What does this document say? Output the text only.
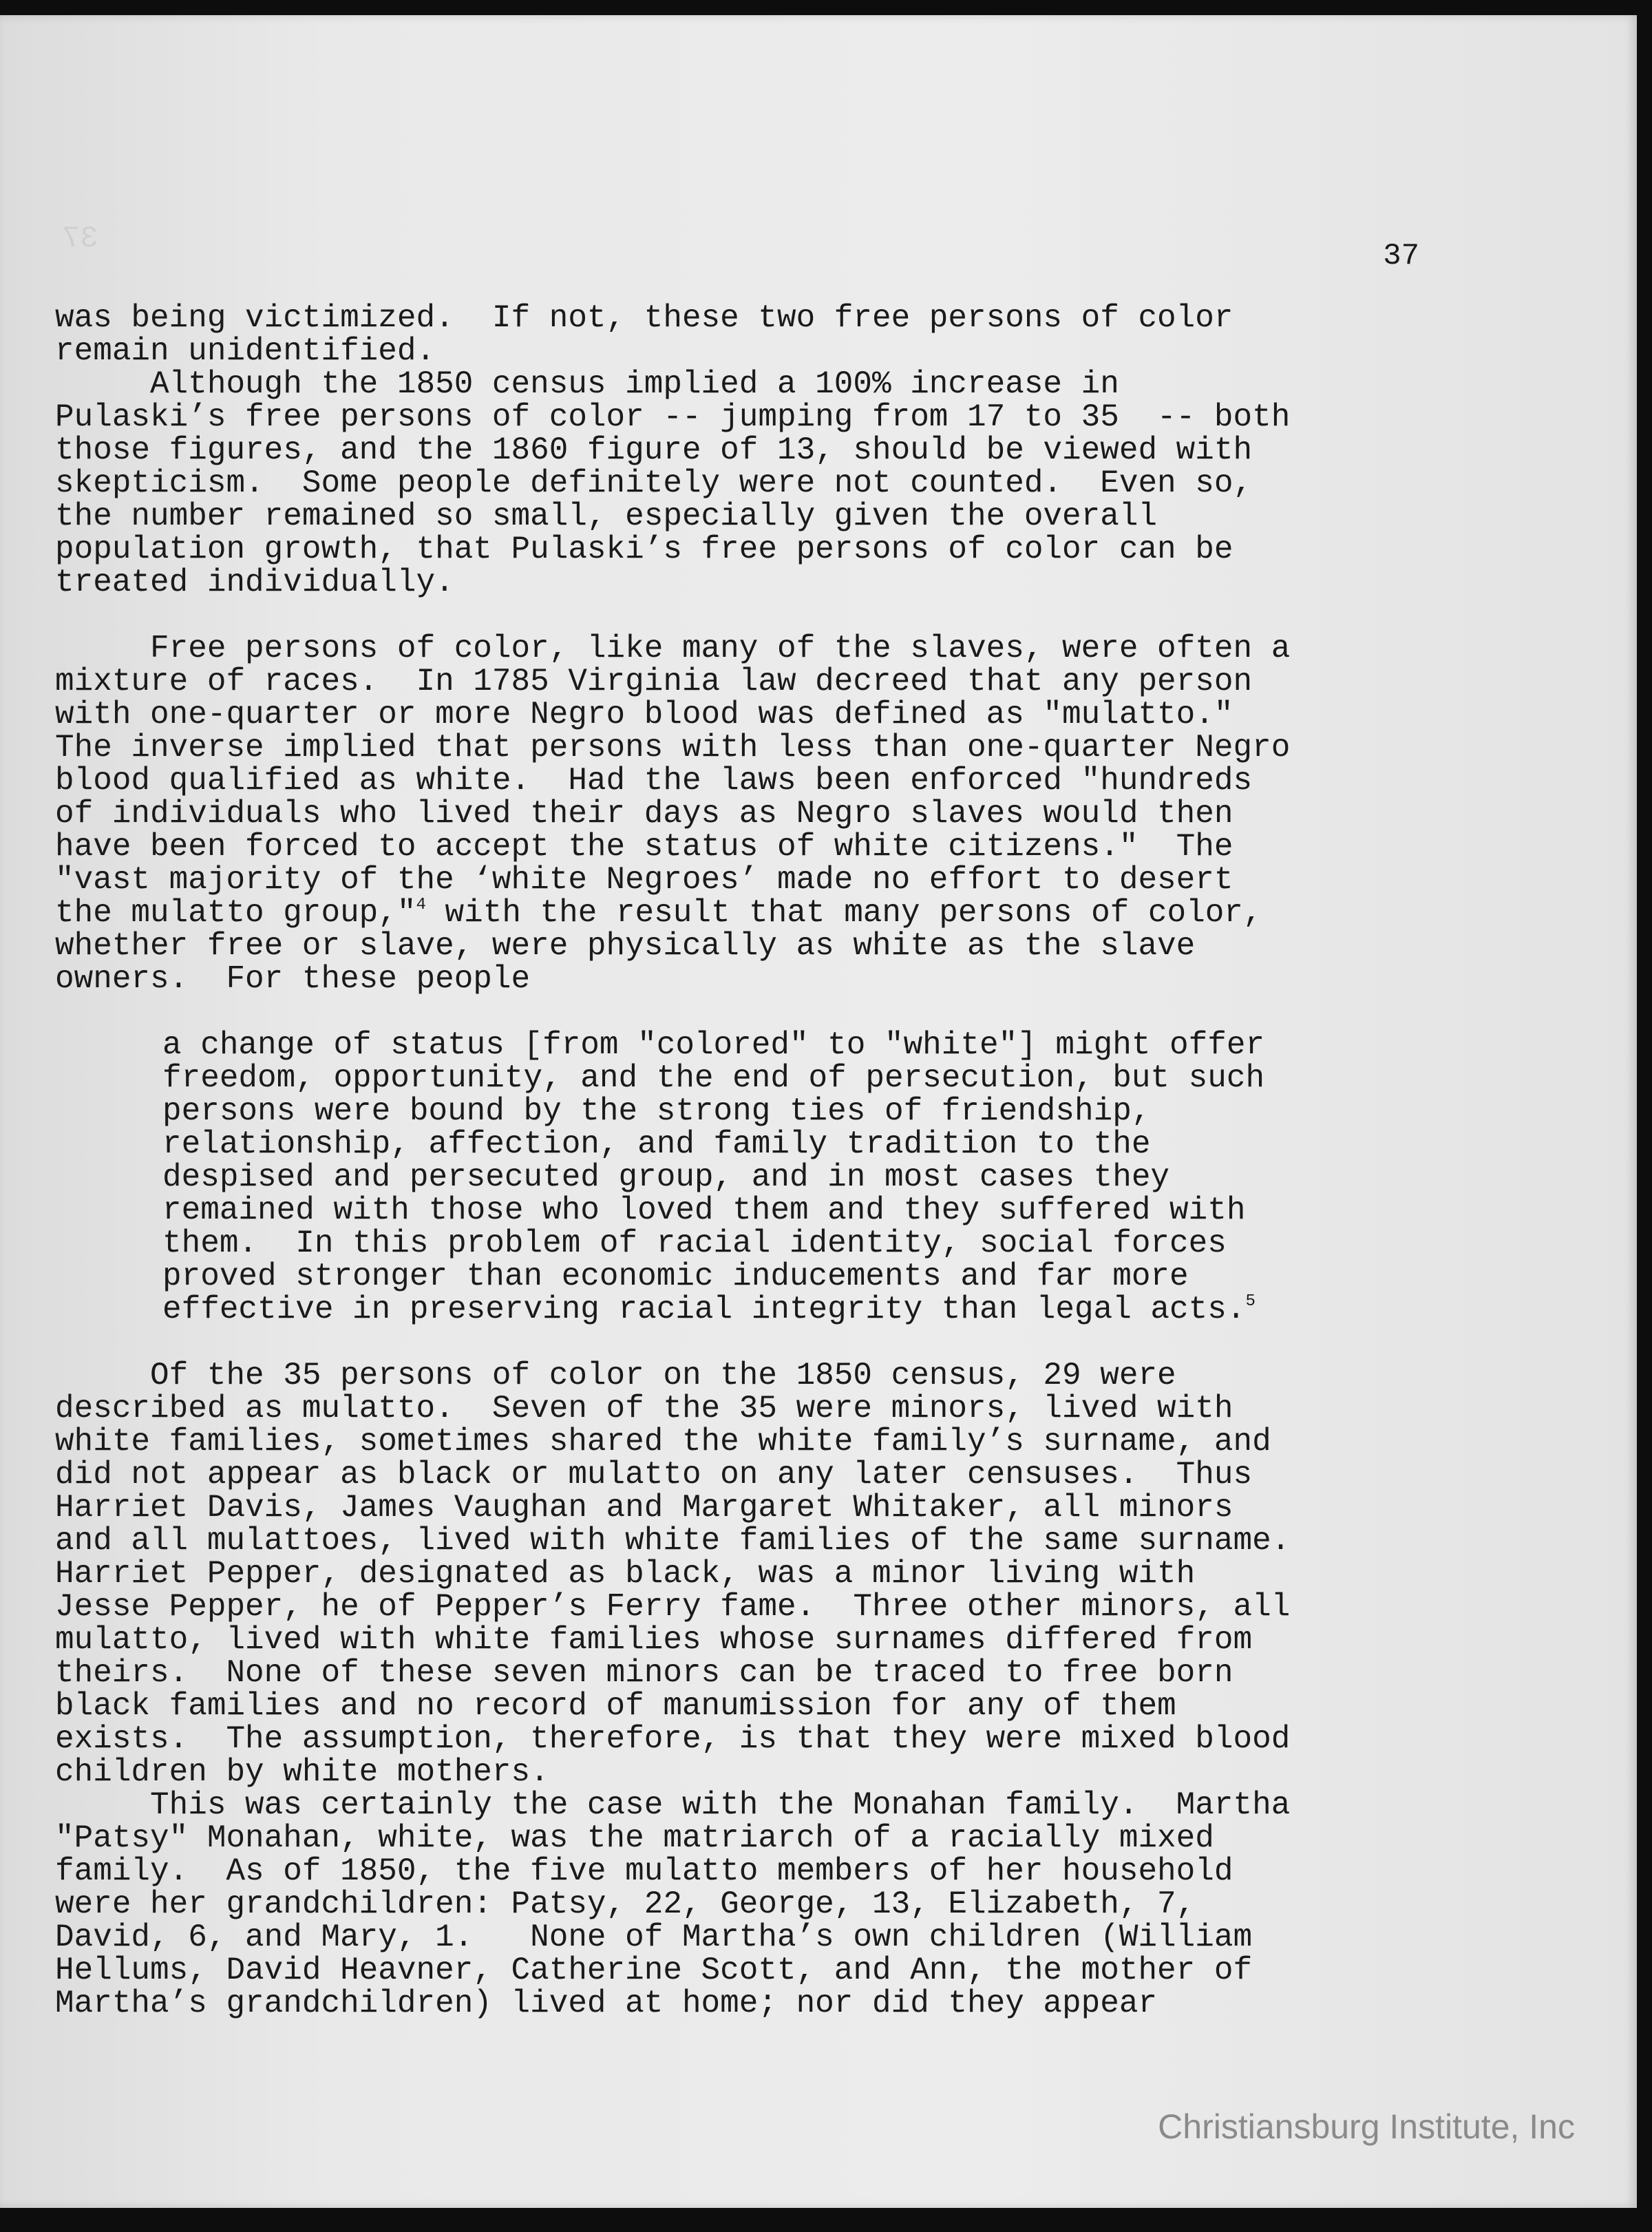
37	37

was being victimized.  If not, these two free persons of color
remain unidentified.

Although the 1850 census implied a 100% increase in
Pulaski’s free persons of color -- jumping from 17 to 35  -- both
those figures, and the 1860 figure of 13, should be viewed with
skepticism.  Some people definitely were not counted.  Even so,
the number remained so small, especially given the overall
population growth, that Pulaski’s free persons of color can be
treated individually.

Free persons of color, like many of the slaves, were often a
mixture of races.  In 1785 Virginia law decreed that any person
with one-quarter or more Negro blood was defined as "mulatto."
The inverse implied that persons with less than one-quarter Negro
blood qualified as white.  Had the laws been enforced "hundreds
of individuals who lived their days as Negro slaves would then
have been forced to accept the status of white citizens."  The
"vast majority of the ‘white Negroes’ made no effort to desert
the mulatto group,"$^4$ with the result that many persons of color,
whether free or slave, were physically as white as the slave
owners.  For these people

a change of status [from "colored" to "white"] might offer
freedom, opportunity, and the end of persecution, but such
persons were bound by the strong ties of friendship,
relationship, affection, and family tradition to the
despised and persecuted group, and in most cases they
remained with those who loved them and they suffered with
them.  In this problem of racial identity, social forces
proved stronger than economic inducements and far more
effective in preserving racial integrity than legal acts.$^5$

Of the 35 persons of color on the 1850 census, 29 were
described as mulatto.  Seven of the 35 were minors, lived with
white families, sometimes shared the white family’s surname, and
did not appear as black or mulatto on any later censuses.  Thus
Harriet Davis, James Vaughan and Margaret Whitaker, all minors
and all mulattoes, lived with white families of the same surname.
Harriet Pepper, designated as black, was a minor living with
Jesse Pepper, he of Pepper’s Ferry fame.  Three other minors, all
mulatto, lived with white families whose surnames differed from
theirs.  None of these seven minors can be traced to free born
black families and no record of manumission for any of them
exists.  The assumption, therefore, is that they were mixed blood
children by white mothers.

This was certainly the case with the Monahan family.  Martha
"Patsy" Monahan, white, was the matriarch of a racially mixed
family.  As of 1850, the five mulatto members of her household
were her grandchildren: Patsy, 22, George, 13, Elizabeth, 7,
David, 6, and Mary, 1.   None of Martha’s own children (William
Hellums, David Heavner, Catherine Scott, and Ann, the mother of
Martha’s grandchildren) lived at home; nor did they appear

Christiansburg Institute, Inc
